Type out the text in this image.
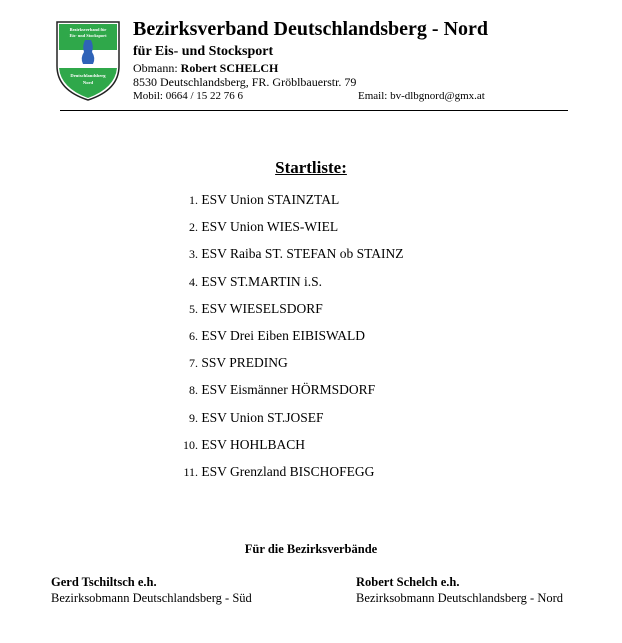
Bezirksverband für
Eis- und Stocksport
Deutschlandsberg
Nord
Bezirksverband Deutschlandsberg - Nord
für Eis- und Stocksport
Obmann: Robert SCHELCH
8530 Deutschlandsberg, FR. Gröblbauerstr. 79
Mobil: 0664 / 15 22 76 6	Email: bv-dlbgnord@gmx.at
Startliste:
1. ESV Union STAINZTAL
2. ESV Union WIES-WIEL
3. ESV Raiba ST. STEFAN ob STAINZ
4. ESV ST.MARTIN i.S.
5. ESV WIESELSDORF
6. ESV Drei Eiben EIBISWALD
7. SSV PREDING
8. ESV Eismänner HÖRMSDORF
9. ESV Union ST.JOSEF
10. ESV HOHLBACH
11. ESV Grenzland BISCHOFEGG
Für die Bezirksverbände
Gerd Tschiltsch e.h.
Bezirksobmann Deutschlandsberg - Süd
Robert Schelch e.h.
Bezirksobmann Deutschlandsberg - Nord
